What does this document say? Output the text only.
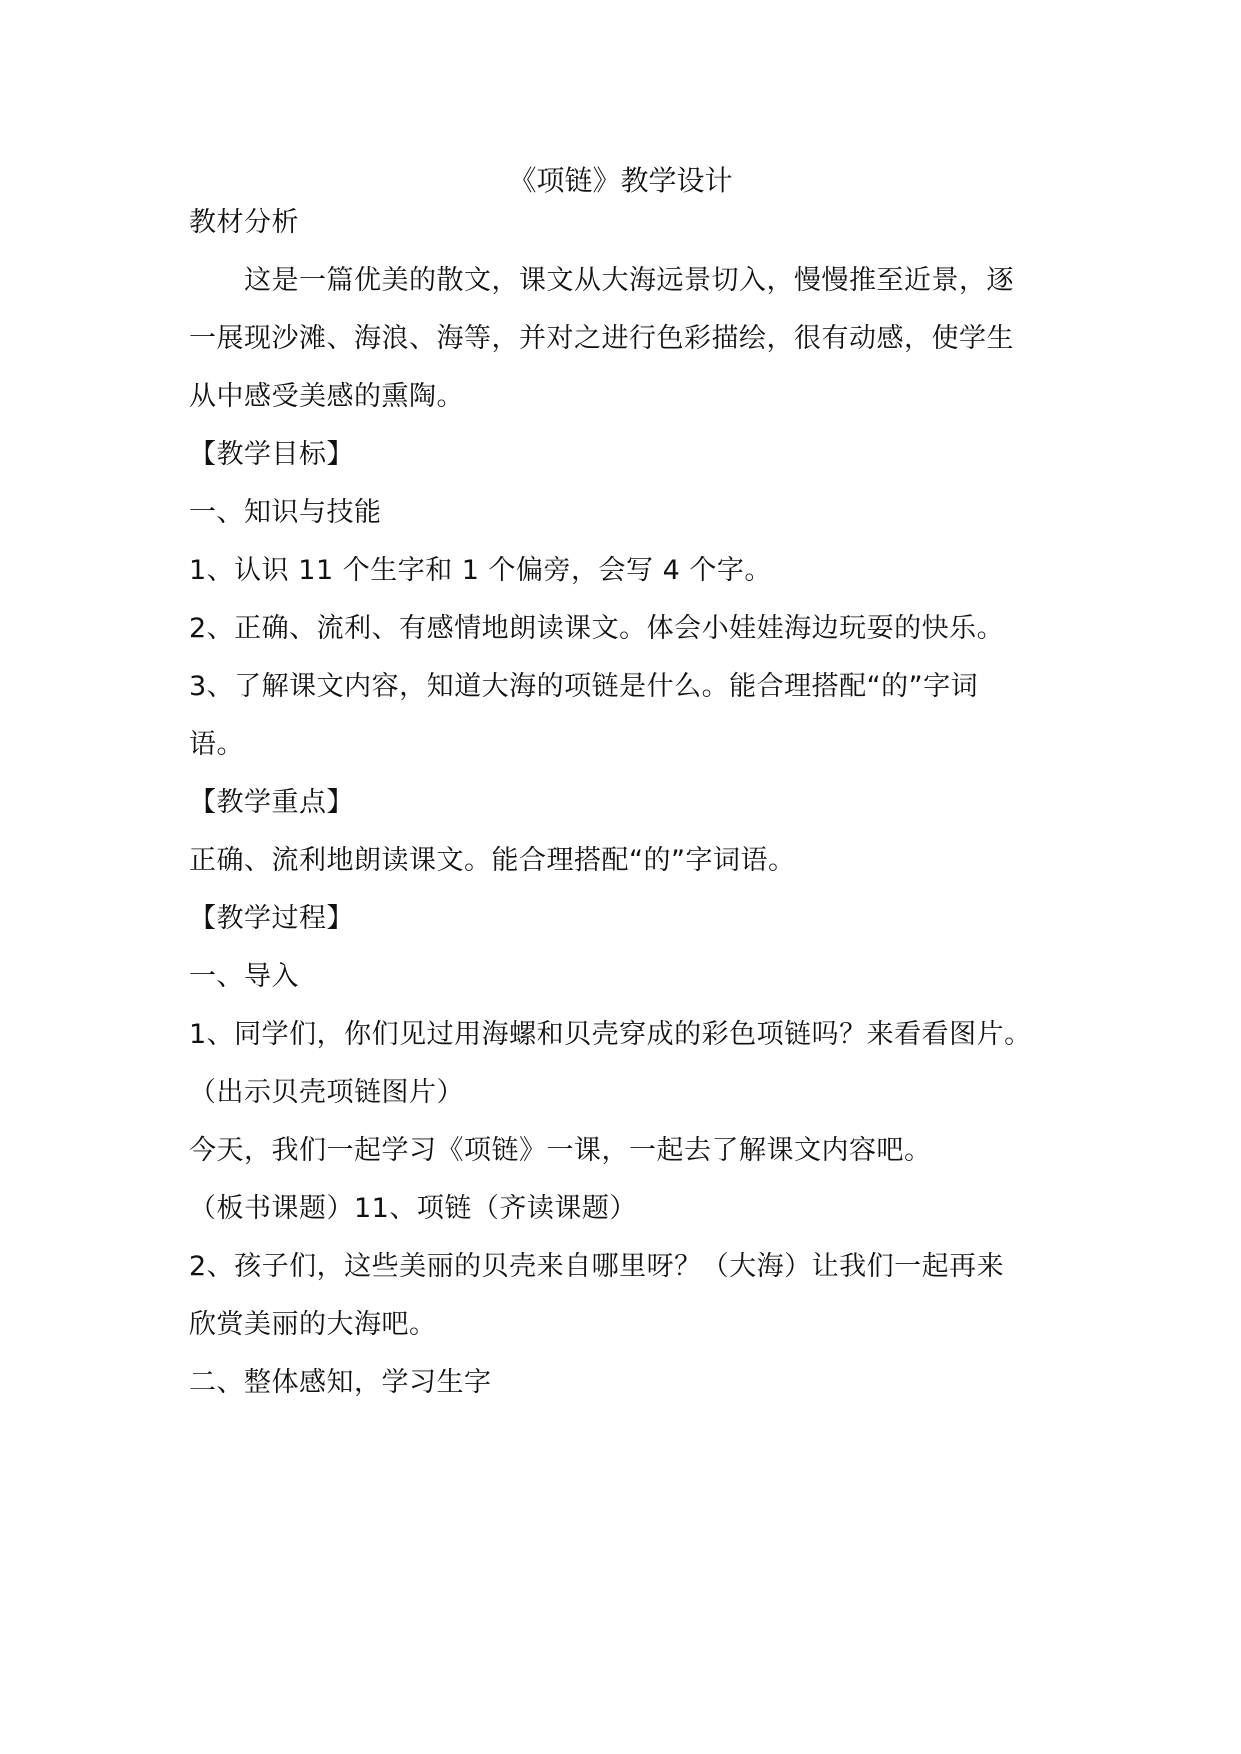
《项链》教学设计
教材分析
这是一篇优美的散文，课文从大海远景切入，慢慢推至近景，逐
一展现沙滩、海浪、海等，并对之进行色彩描绘，很有动感，使学生
从中感受美感的熏陶。
【教学目标】
一、知识与技能
1、认识 11 个生字和 1 个偏旁，会写 4 个字。
2、正确、流利、有感情地朗读课文。体会小娃娃海边玩耍的快乐。
3、了解课文内容，知道大海的项链是什么。能合理搭配“的”字词
语。
【教学重点】
正确、流利地朗读课文。能合理搭配“的”字词语。
【教学过程】
一、导入
1、同学们，你们见过用海螺和贝壳穿成的彩色项链吗？来看看图片。
（出示贝壳项链图片）
今天，我们一起学习《项链》一课，一起去了解课文内容吧。
（板书课题）11、项链（齐读课题）
2、孩子们，这些美丽的贝壳来自哪里呀？（大海）让我们一起再来
欣赏美丽的大海吧。
二、整体感知，学习生字
